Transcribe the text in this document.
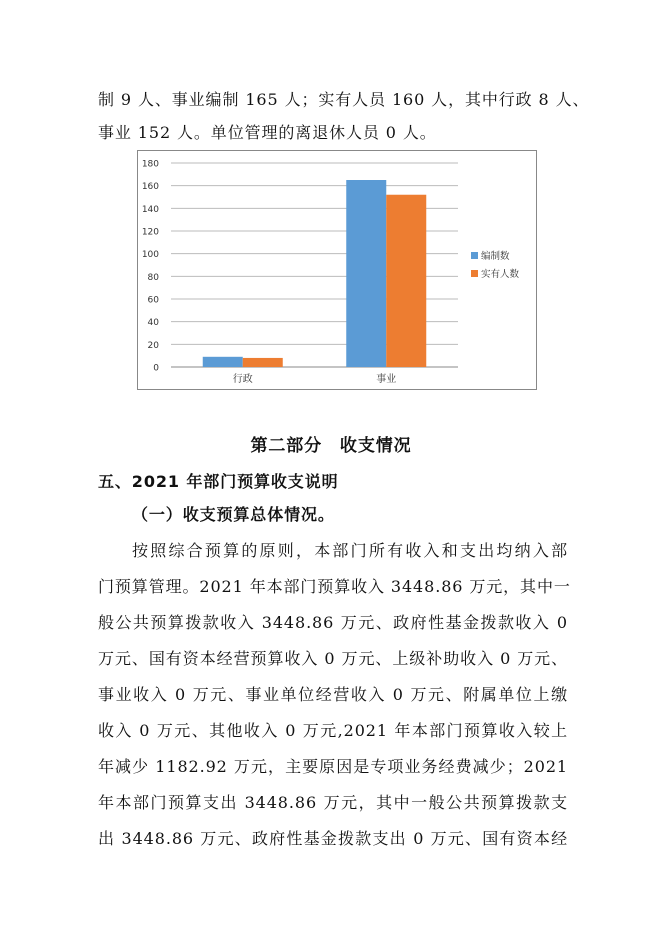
制 9 人、事业编制 165 人；实有人员 160 人，其中行政 8 人、
事业 152 人。单位管理的离退休人员 0 人。
0
20
40
60
80
100
120
140
160
180
行政	事业
编制数
实有人数
第二部分　收支情况
五、2021 年部门预算收支说明
（一）收支预算总体情况。
按照综合预算的原则，本部门所有收入和支出均纳入部
门预算管理。2021 年本部门预算收入 3448.86 万元，其中一
般公共预算拨款收入 3448.86 万元、政府性基金拨款收入 0
万元、国有资本经营预算收入 0 万元、上级补助收入 0 万元、
事业收入 0 万元、事业单位经营收入 0 万元、附属单位上缴
收入 0 万元、其他收入 0 万元,2021 年本部门预算收入较上
年减少 1182.92 万元，主要原因是专项业务经费减少；2021
年本部门预算支出 3448.86 万元，其中一般公共预算拨款支
出 3448.86 万元、政府性基金拨款支出 0 万元、国有资本经
